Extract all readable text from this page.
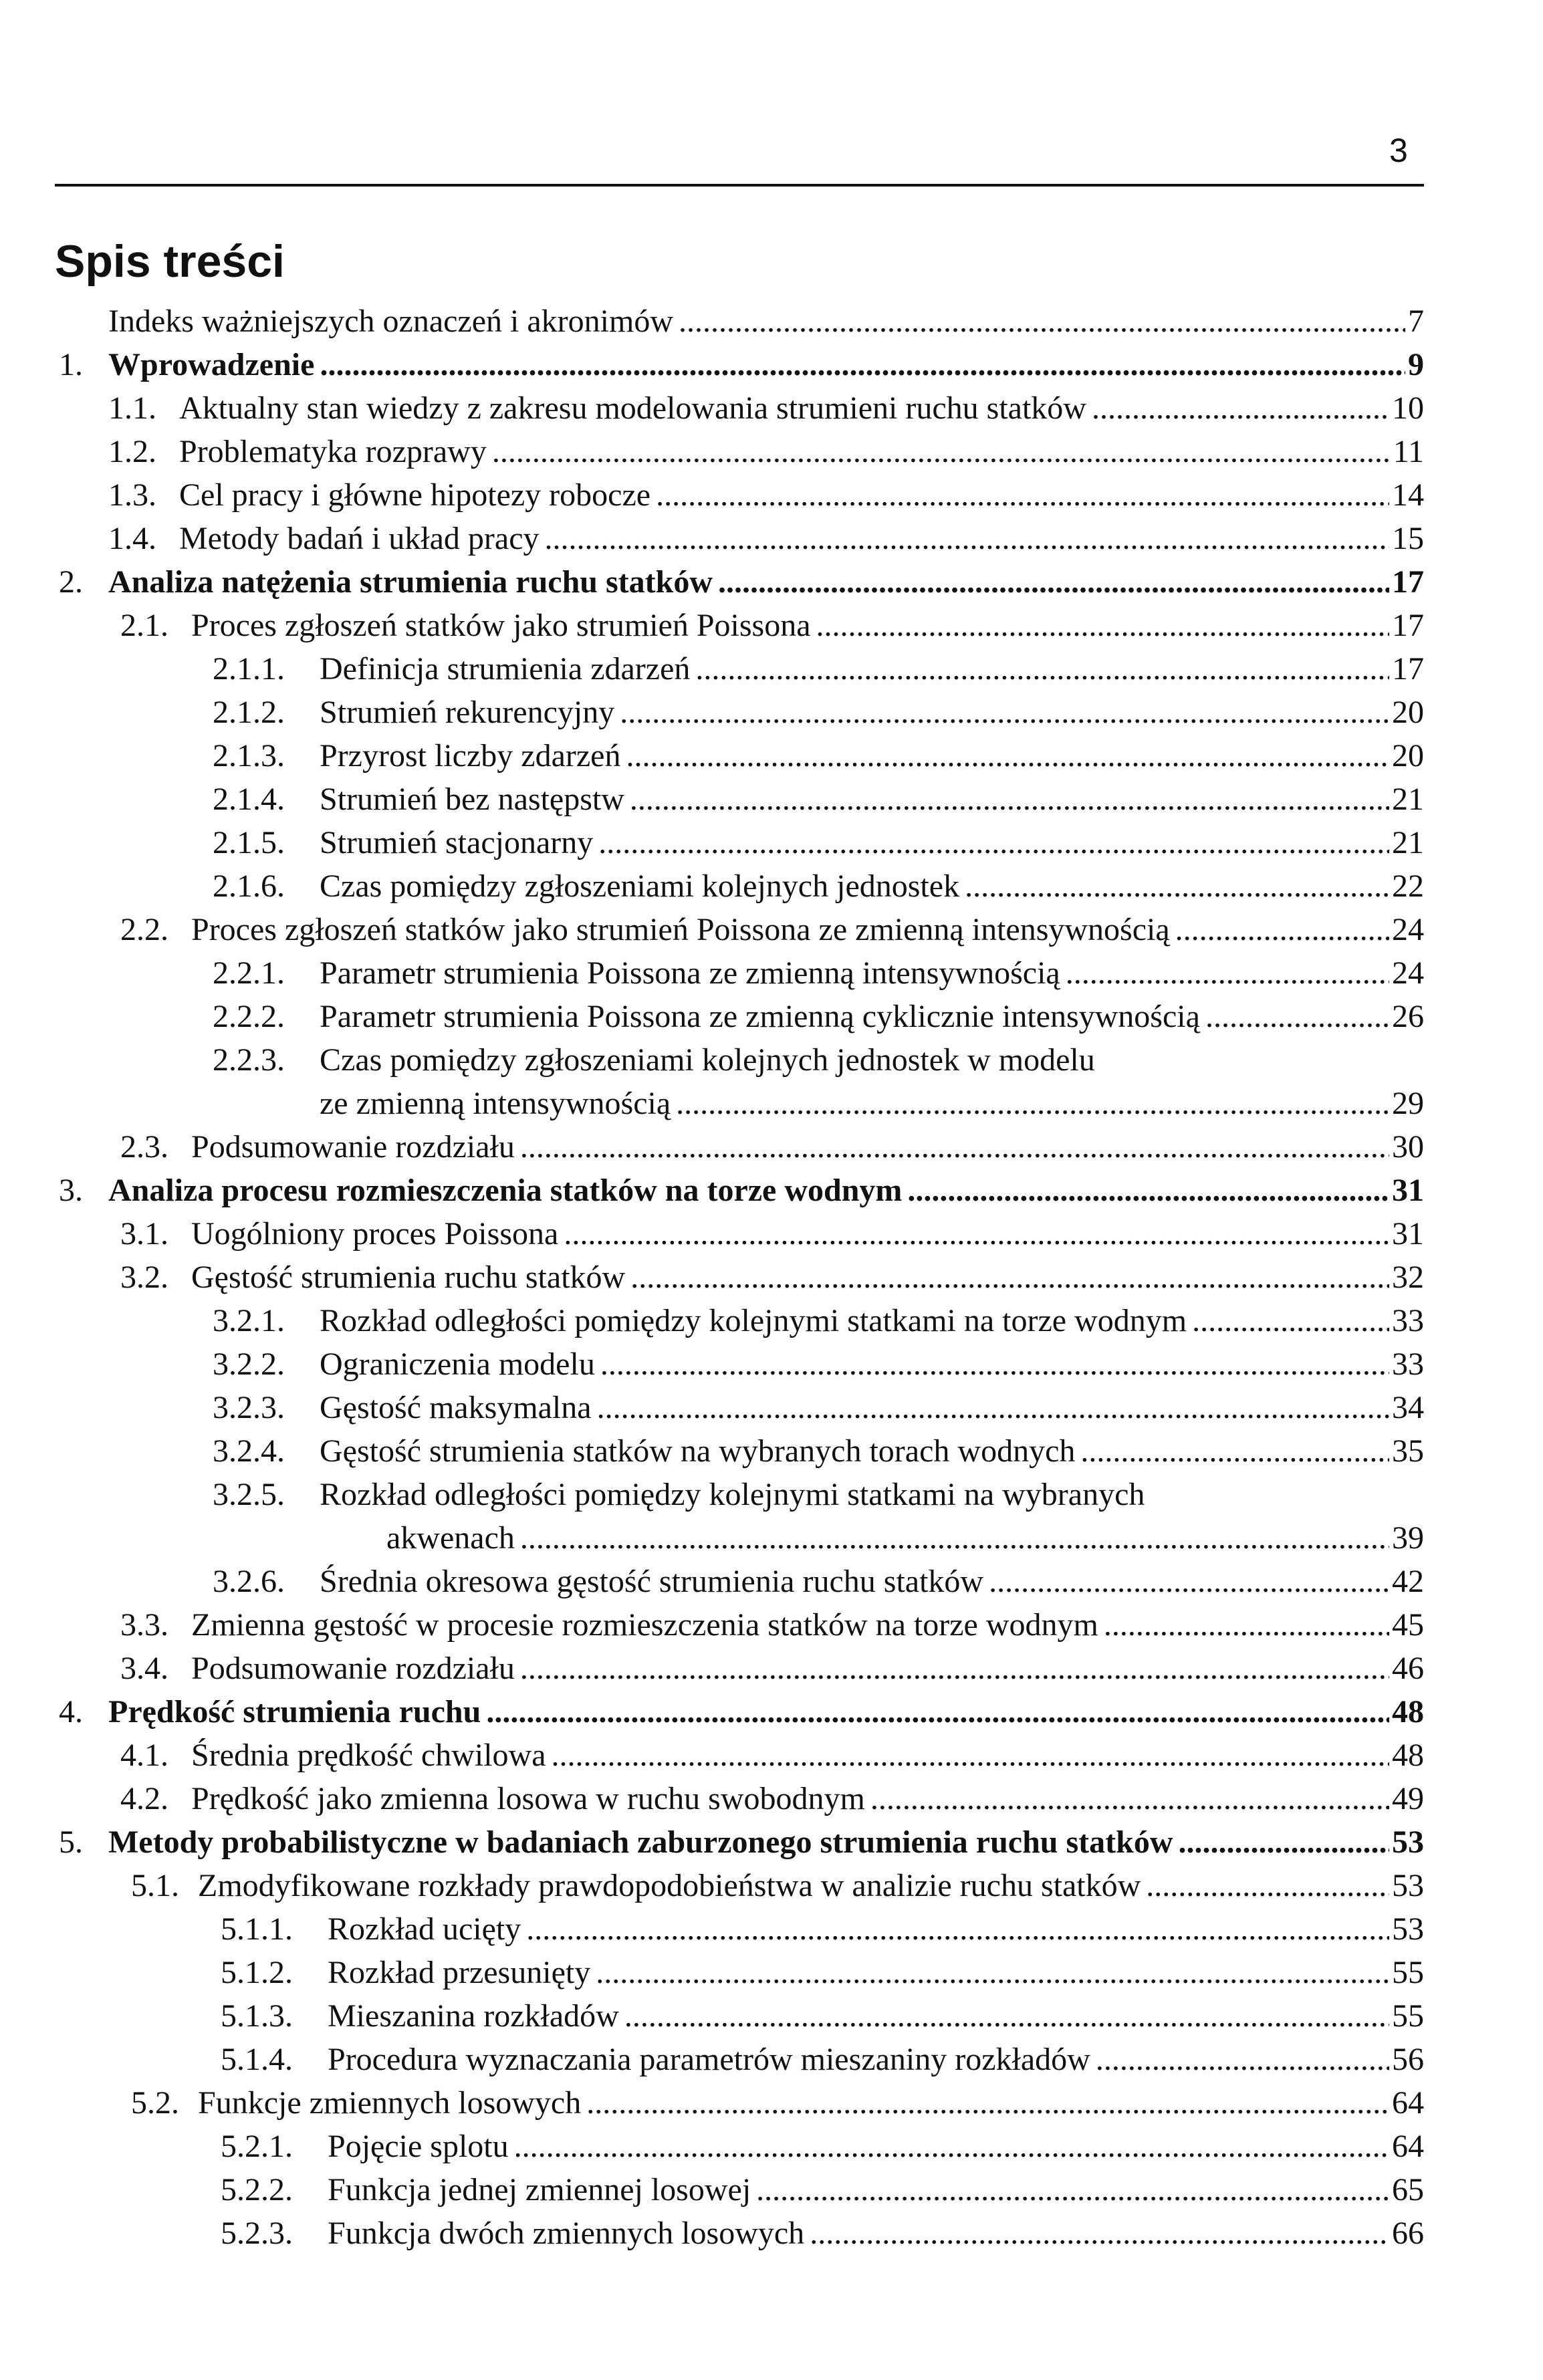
3
Spis treści
Indeks ważniejszych oznaczeń i akronimów . . .	7
1. Wprowadzenie . . .	9
1.1. Aktualny stan wiedzy z zakresu modelowania strumieni ruchu statków . . .	10
1.2. Problematyka rozprawy . . .	11
1.3. Cel pracy i główne hipotezy robocze . . .	14
1.4. Metody badań i układ pracy . . .	15
2. Analiza natężenia strumienia ruchu statków . . .	17
2.1. Proces zgłoszeń statków jako strumień Poissona . . .	17
2.1.1. Definicja strumienia zdarzeń . . .	17
2.1.2. Strumień rekurencyjny . . .	20
2.1.3. Przyrost liczby zdarzeń . . .	20
2.1.4. Strumień bez następstw . . .	21
2.1.5. Strumień stacjonarny . . .	21
2.1.6. Czas pomiędzy zgłoszeniami kolejnych jednostek . . .	22
2.2. Proces zgłoszeń statków jako strumień Poissona ze zmienną intensywnością . . .	24
2.2.1. Parametr strumienia Poissona ze zmienną intensywnością . . .	24
2.2.2. Parametr strumienia Poissona ze zmienną cyklicznie intensywnością . . .	26
2.2.3. Czas pomiędzy zgłoszeniami kolejnych jednostek w modelu
ze zmienną intensywnością . . .	29
2.3. Podsumowanie rozdziału . . .	30
3. Analiza procesu rozmieszczenia statków na torze wodnym . . .	31
3.1. Uogólniony proces Poissona . . .	31
3.2. Gęstość strumienia ruchu statków . . .	32
3.2.1. Rozkład odległości pomiędzy kolejnymi statkami na torze wodnym . . .	33
3.2.2. Ograniczenia modelu . . .	33
3.2.3. Gęstość maksymalna . . .	34
3.2.4. Gęstość strumienia statków na wybranych torach wodnych . . .	35
3.2.5. Rozkład odległości pomiędzy kolejnymi statkami na wybranych
akwenach . . .	39
3.2.6. Średnia okresowa gęstość strumienia ruchu statków . . .	42
3.3. Zmienna gęstość w procesie rozmieszczenia statków na torze wodnym . . .	45
3.4. Podsumowanie rozdziału . . .	46
4. Prędkość strumienia ruchu . . .	48
4.1. Średnia prędkość chwilowa . . .	48
4.2. Prędkość jako zmienna losowa w ruchu swobodnym . . .	49
5. Metody probabilistyczne w badaniach zaburzonego strumienia ruchu statków . . .	53
5.1. Zmodyfikowane rozkłady prawdopodobieństwa w analizie ruchu statków . . .	53
5.1.1. Rozkład ucięty . . .	53
5.1.2. Rozkład przesunięty . . .	55
5.1.3. Mieszanina rozkładów . . .	55
5.1.4. Procedura wyznaczania parametrów mieszaniny rozkładów . . .	56
5.2. Funkcje zmiennych losowych . . .	64
5.2.1. Pojęcie splotu . . .	64
5.2.2. Funkcja jednej zmiennej losowej . . .	65
5.2.3. Funkcja dwóch zmiennych losowych . . .	66
